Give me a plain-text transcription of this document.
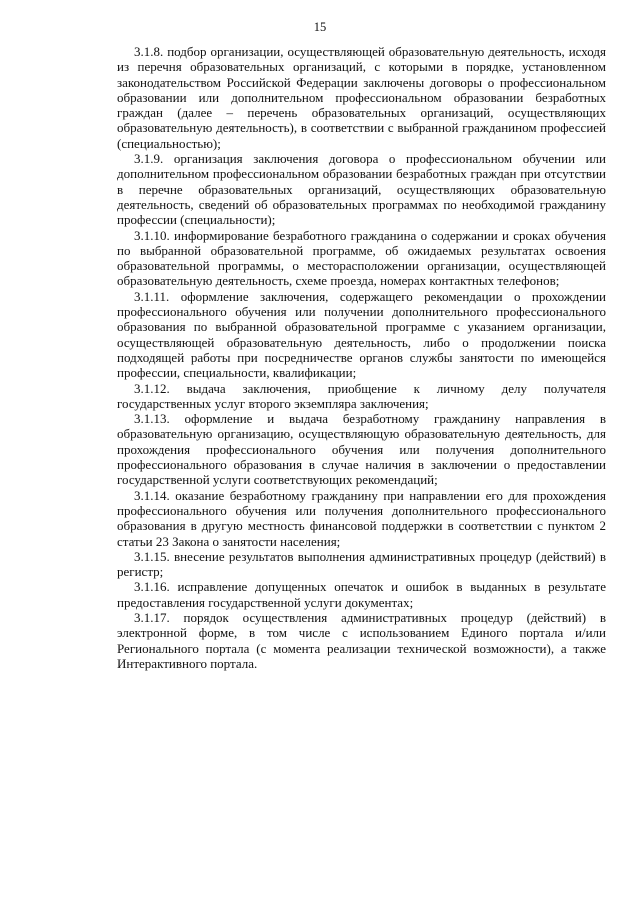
15

3.1.8. подбор организации, осуществляющей образовательную деятельность, исходя из перечня образовательных организаций, с которыми в порядке, установленном законодательством Российской Федерации заключены договоры о профессиональном образовании или дополнительном профессиональном образовании безработных граждан (далее – перечень образовательных организаций, осуществляющих образовательную деятельность), в соответствии с выбранной гражданином профессией (специальностью);

3.1.9. организация заключения договора о профессиональном обучении или дополнительном профессиональном образовании безработных граждан при отсутствии в перечне образовательных организаций, осуществляющих образовательную деятельность, сведений об образовательных программах по необходимой гражданину профессии (специальности);

3.1.10. информирование безработного гражданина о содержании и сроках обучения по выбранной образовательной программе, об ожидаемых результатах освоения образовательной программы, о месторасположении организации, осуществляющей образовательную деятельность, схеме проезда, номерах контактных телефонов;

3.1.11. оформление заключения, содержащего рекомендации о прохождении профессионального обучения или получении дополнительного профессионального образования по выбранной образовательной программе с указанием организации, осуществляющей образовательную деятельность, либо о продолжении поиска подходящей работы при посредничестве органов службы занятости по имеющейся профессии, специальности, квалификации;

3.1.12. выдача заключения, приобщение к личному делу получателя государственных услуг второго экземпляра заключения;

3.1.13. оформление и выдача безработному гражданину направления в образовательную организацию, осуществляющую образовательную деятельность, для прохождения профессионального обучения или получения дополнительного профессионального образования в случае наличия в заключении о предоставлении государственной услуги соответствующих рекомендаций;

3.1.14. оказание безработному гражданину при направлении его для прохождения профессионального обучения или получения дополнительного профессионального образования в другую местность финансовой поддержки в соответствии с пунктом 2 статьи 23 Закона о занятости населения;

3.1.15. внесение результатов выполнения административных процедур (действий) в регистр;

3.1.16. исправление допущенных опечаток и ошибок в выданных в результате предоставления государственной услуги документах;

3.1.17. порядок осуществления административных процедур (действий) в электронной форме, в том числе с использованием Единого портала и/или Регионального портала (с момента реализации технической возможности), а также Интерактивного портала.
